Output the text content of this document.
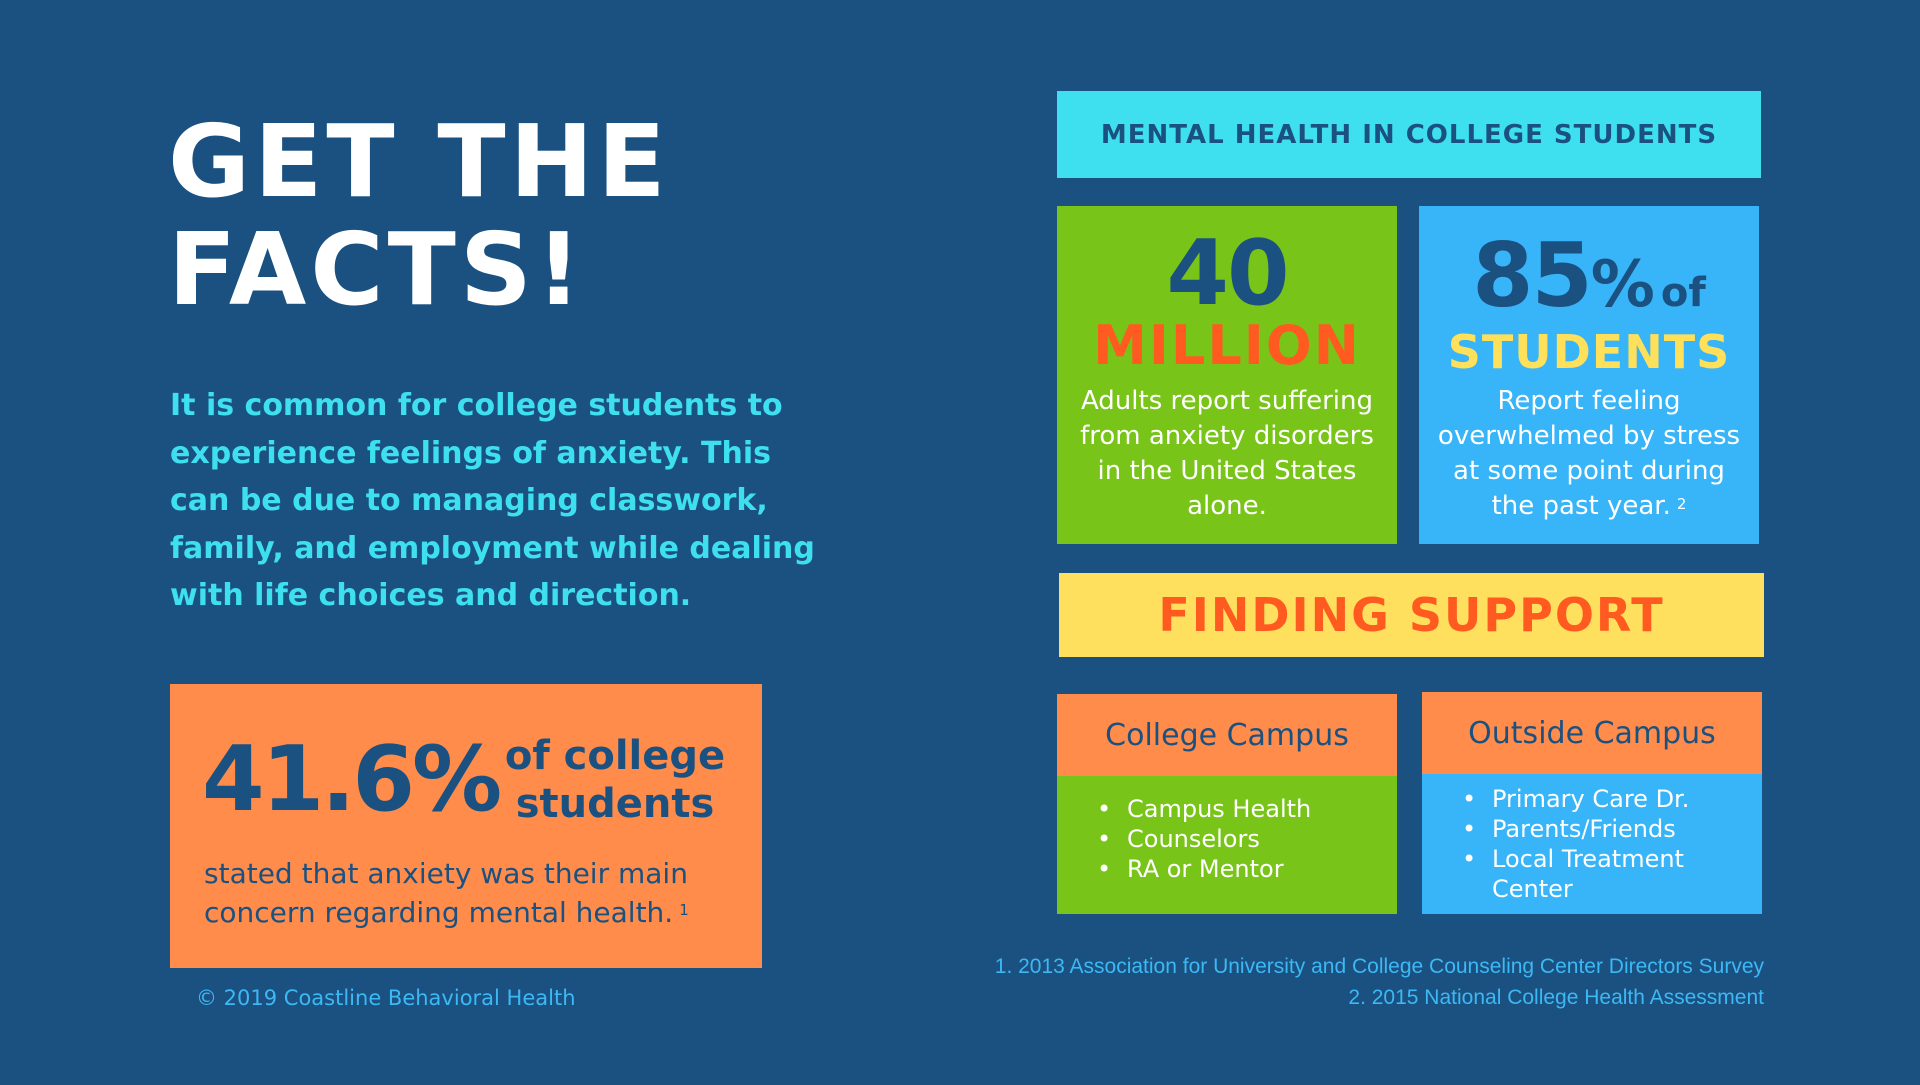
GET THE
FACTS!
It is common for college students to experience feelings of anxiety. This can be due to managing classwork, family, and employment while dealing with life choices and direction.
41.6% of college
students
stated that anxiety was their main concern regarding mental health. $^1$
© 2019 Coastline Behavioral Health
MENTAL HEALTH IN COLLEGE STUDENTS
40
MILLION
Adults report suffering from anxiety disorders in the United States alone.
85% of
STUDENTS
Report feeling overwhelmed by stress at some point during the past year. $^2$
FINDING SUPPORT
College Campus
• Campus Health
• Counselors
• RA or Mentor
Outside Campus
• Primary Care Dr.
• Parents/Friends
• Local Treatment Center
1. 2013 Association for University and College Counseling Center Directors Survey
2. 2015 National College Health Assessment
